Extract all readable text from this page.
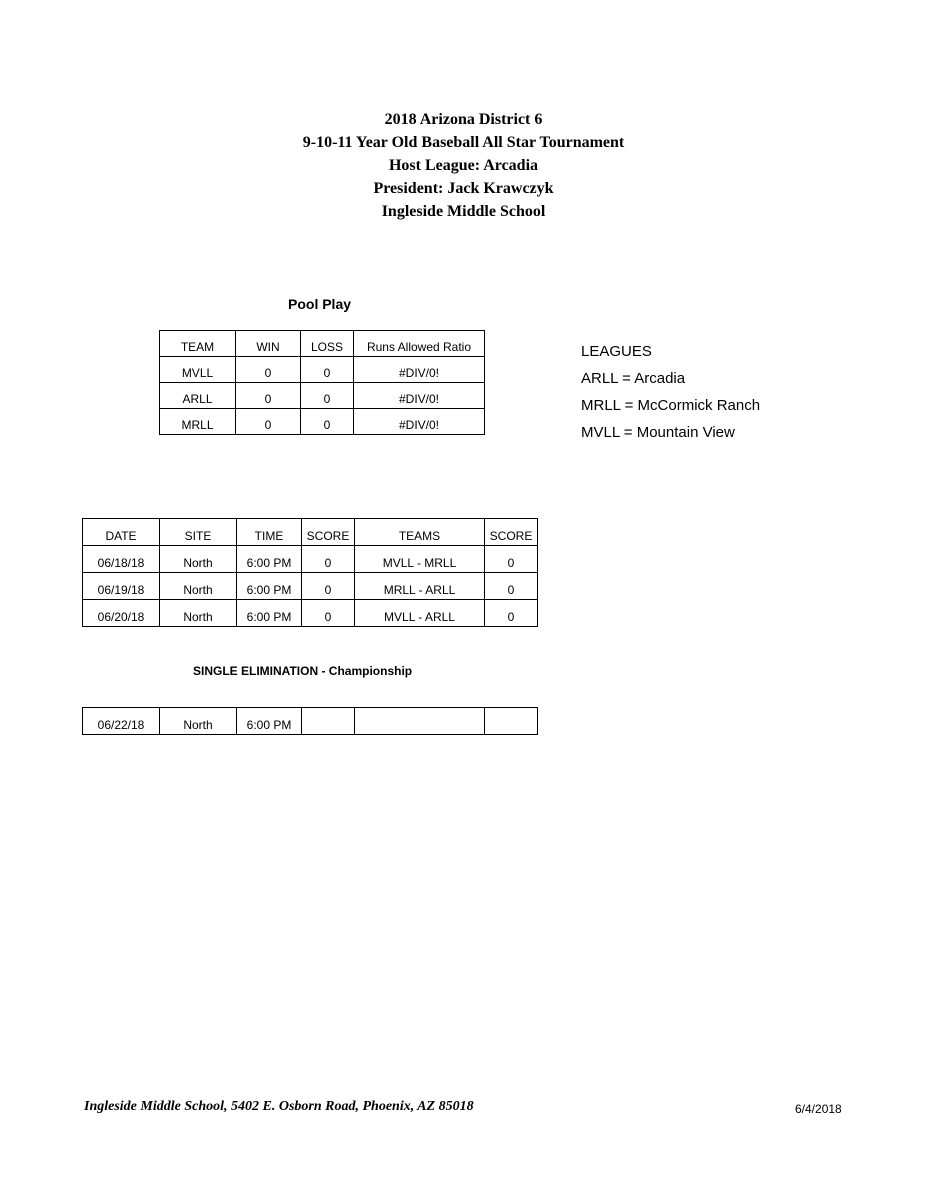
2018 Arizona District 6
9-10-11 Year Old Baseball All Star Tournament
Host League: Arcadia
President: Jack Krawczyk
Ingleside Middle School
Pool Play
TEAM	WIN	LOSS	Runs Allowed Ratio
MVLL	0	0	#DIV/0!
ARLL	0	0	#DIV/0!
MRLL	0	0	#DIV/0!
LEAGUES
ARLL = Arcadia
MRLL = McCormick Ranch
MVLL = Mountain View
DATE	SITE	TIME	SCORE	TEAMS	SCORE
06/18/18	North	6:00 PM	0	MVLL - MRLL	0
06/19/18	North	6:00 PM	0	MRLL - ARLL	0
06/20/18	North	6:00 PM	0	MVLL - ARLL	0
SINGLE ELIMINATION - Championship
06/22/18	North	6:00 PM			
Ingleside Middle School, 5402 E. Osborn Road, Phoenix, AZ 85018	6/4/2018
